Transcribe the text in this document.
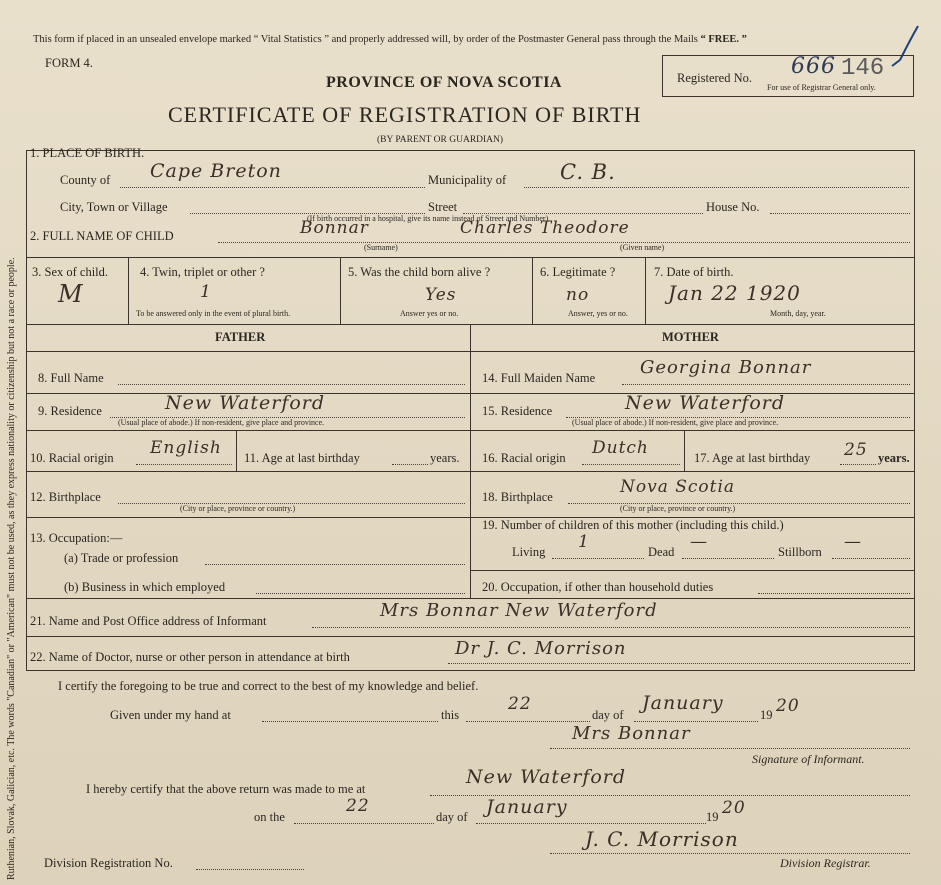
Ruthenian, Slovak, Galician, etc. The words "Canadian" or "American" must not be used, as they express nationality or citizenship but not a race or people.
This form if placed in an unsealed envelope marked “ Vital Statistics ” and properly addressed will, by order of the Postmaster General pass through the Mails “ FREE. ”
FORM 4.
PROVINCE OF NOVA SCOTIA
CERTIFICATE OF REGISTRATION OF BIRTH
(BY PARENT OR GUARDIAN)
Registered No. 666 146
For use of Registrar General only.
1. PLACE OF BIRTH.
County of Cape Breton	Municipality of	C. B.
City, Town or Village	Street	House No.
(If birth occurred in a hospital, give its name instead of Street and Number)
2. FULL NAME OF CHILD	Bonnar	Charles Theodore
(Surname)	(Given name)
3. Sex of child.
M
4. Twin, triplet or other ?
1
To be answered only in the event of plural birth.
5. Was the child born alive ?
Yes
Answer yes or no.
6. Legitimate ?
no
Answer, yes or no.
7. Date of birth.
Jan 22 1920
Month, day, year.
FATHER	MOTHER
8. Full Name
9. Residence	New Waterford
(Usual place of abode.) If non-resident, give place and province.
10. Racial origin English 11. Age at last birthday	years.
12. Birthplace
(City or place, province or country.)
13. Occupation:—
(a) Trade or profession
(b) Business in which employed
14. Full Maiden Name Georgina Bonnar
15. Residence	New Waterford
(Usual place of abode.) If non-resident, give place and province.
16. Racial origin Dutch	17. Age at last birthday 25 years.
18. Birthplace	Nova Scotia
(City or place, province or country.)
19. Number of children of this mother (including this child.)
Living 1	Dead —	Stillborn —
20. Occupation, if other than household duties
21. Name and Post Office address of Informant	Mrs Bonnar New Waterford
22. Name of Doctor, nurse or other person in attendance at birth	Dr J. C. Morrison
I certify the foregoing to be true and correct to the best of my knowledge and belief.
Given under my hand at	this
22
day of
January
19 20
Mrs Bonnar
Signature of Informant.
I hereby certify that the above return was made to me at
New Waterford
on the
22
day of January	19 20
J. C. Morrison
Division Registration No.	Division Registrar.
